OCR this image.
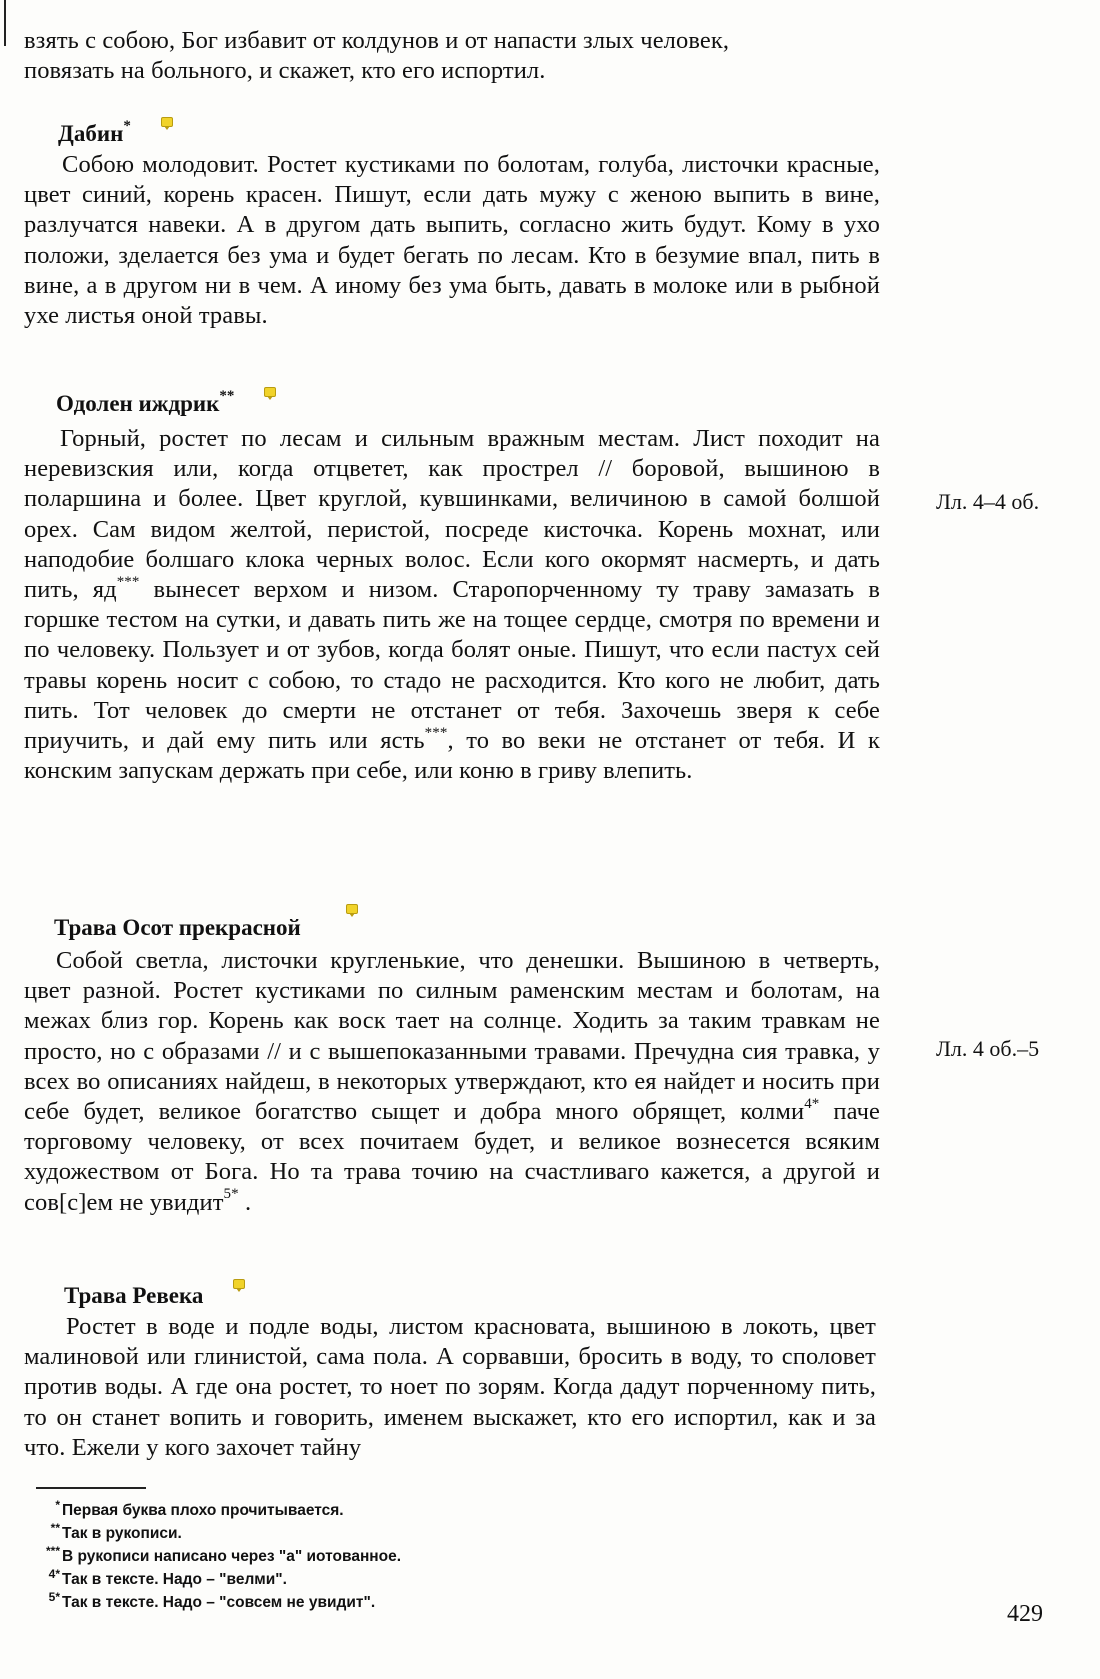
взять с собою, Бог избавит от колдунов и от напасти злых человек,
повязать на больного, и скажет, кто его испортил.

Дабин*

Собою молодовит. Ростет кустиками по болотам, голуба, листочки красные, цвет синий, корень красен. Пишут, если дать мужу с женою выпить в вине, разлучатся навеки. А в другом дать выпить, согласно жить будут. Кому в ухо положи, зделается без ума и будет бегать по лесам. Кто в безумие впал, пить в вине, а в другом ни в чем. А иному без ума быть, давать в молоке или в рыбной ухе листья оной травы.

Одолен иждрик**

Горный, ростет по лесам и сильным вражным местам. Лист походит на неревизския или, когда отцветет, как прострел // боровой, вышиною в поларшина и более. Цвет круглой, кувшинками, величиною в самой болшой орех. Сам видом желтой, перистой, посреде кисточка. Корень мохнат, или наподобие болшаго клока черных волос. Если кого окормят насмерть, и дать пить, яд*** вынесет верхом и низом. Старопорченному ту траву замазать в горшке тестом на сутки, и давать пить же на тощее сердце, смотря по времени и по человеку. Пользует и от зубов, когда болят оные. Пишут, что если пастух сей травы корень носит с собою, то стадо не расходится. Кто кого не любит, дать пить. Тот человек до смерти не отстанет от тебя. Захочешь зверя к себе приучить, и дай ему пить или ясть***, то во веки не отстанет от тебя. И к конским запускам держать при себе, или коню в гриву влепить.

Лл. 4–4 об.
Трава Осот прекрасной

Собой светла, листочки кругленькие, что денешки. Вышиною в четверть, цвет разной. Ростет кустиками по силным раменским местам и болотам, на межах близ гор. Корень как воск тает на солнце. Ходить за таким травкам не просто, но с образами // и с вышепоказанными травами. Пречудна сия травка, у всех во описаниях найдеш, в некоторых утверждают, кто ея найдет и носить при себе будет, великое богатство сыщет и добра много обрящет, колми$^{4*}$ паче торговому человеку, от всех почитаем будет, и великое вознесется всяким художеством от Бога. Но та трава точию на счастливаго кажется, а другой и сов[с]ем не увидит$^{5*}$ .

Лл. 4 об.–5
Трава Ревека

Ростет в воде и подле воды, листом красновата, вышиною в локоть, цвет малиновой или глинистой, сама пола. А сорвавши, бросить в воду, то споловет против воды. А где она ростет, то ноет по зорям. Когда дадут порченному пить, то он станет вопить и говорить, именем выскажет, кто его испортил, как и за что. Ежели у кого захочет тайну

* Первая буква плохо прочитывается.
** Так в рукописи.
*** В рукописи написано через "а" иотованное.
4* Так в тексте. Надо – "велми".
5* Так в тексте. Надо – "совсем не увидит".	429
